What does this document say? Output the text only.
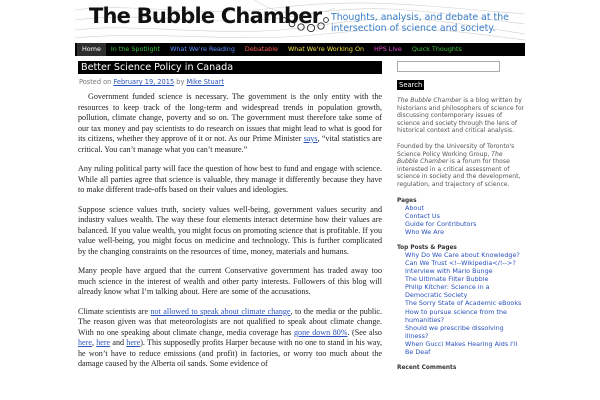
The Bubble Chamber Thoughts, analysis, and debate at the intersection of science and society.
Home	In the Spotlight	What We're Reading	Debatable	What We're Working On	HPS Live	Quick Thoughts
Better Science Policy in Canada
Posted on February 19, 2015 by Mike Stuart

Government funded science is necessary. The government is the only entity with the resources to keep track of the long-term and widespread trends in population growth, pollution, climate change, poverty and so on. The government must therefore take some of our tax money and pay scientists to do research on issues that might lead to what is good for its citizens, whether they approve of it or not. As our Prime Minister says, “vital statistics are critical. You can’t manage what you can’t measure.”

Any ruling political party will face the question of how best to fund and engage with science. While all parties agree that science is valuable, they manage it differently because they have to make different trade-offs based on their values and ideologies.

Suppose science values truth, society values well-being, government values security and industry values wealth. The way these four elements interact determine how their values are balanced. If you value wealth, you might focus on promoting science that is profitable. If you value well-being, you might focus on medicine and technology. This is further complicated by the changing constraints on the resources of time, money, materials and humans.

Many people have argued that the current Conservative government has traded away too much science in the interest of wealth and other party interests. Followers of this blog will already know what I’m talking about. Here are some of the accusations.

Climate scientists are not allowed to speak about climate change, to the media or the public. The reason given was that meteorologists are not qualified to speak about climate change. With no one speaking about climate change, media coverage has gone down 80%. (See also here, here and here). This supposedly profits Harper because with no one to stand in his way, he won’t have to reduce emissions (and profit) in factories, or worry too much about the damage caused by the Alberta oil sands. Some evidence of

Search
The Bubble Chamber is a blog written by historians and philosophers of science for discussing contemporary issues of science and society through the lens of historical context and critical analysis.
Founded by the University of Toronto's Science Policy Working Group, The Bubble Chamber is a forum for those interested in a critical assessment of science in society and the development, regulation, and trajectory of science.
Pages
About
Contact Us
Guide for Contributors
Who We Are
Top Posts & Pages
Why Do We Care about Knowledge?
Can We Trust <!--Wikipedia</!-->?
Interview with Mario Bunge
The Ultimate Filter Bubble
Philip Kitcher: Science in a Democratic Society
The Sorry State of Academic eBooks
How to pursue science from the humanities?
Should we prescribe dissolving illness?
When Gucci Makes Hearing Aids I'll Be Deaf
Recent Comments
